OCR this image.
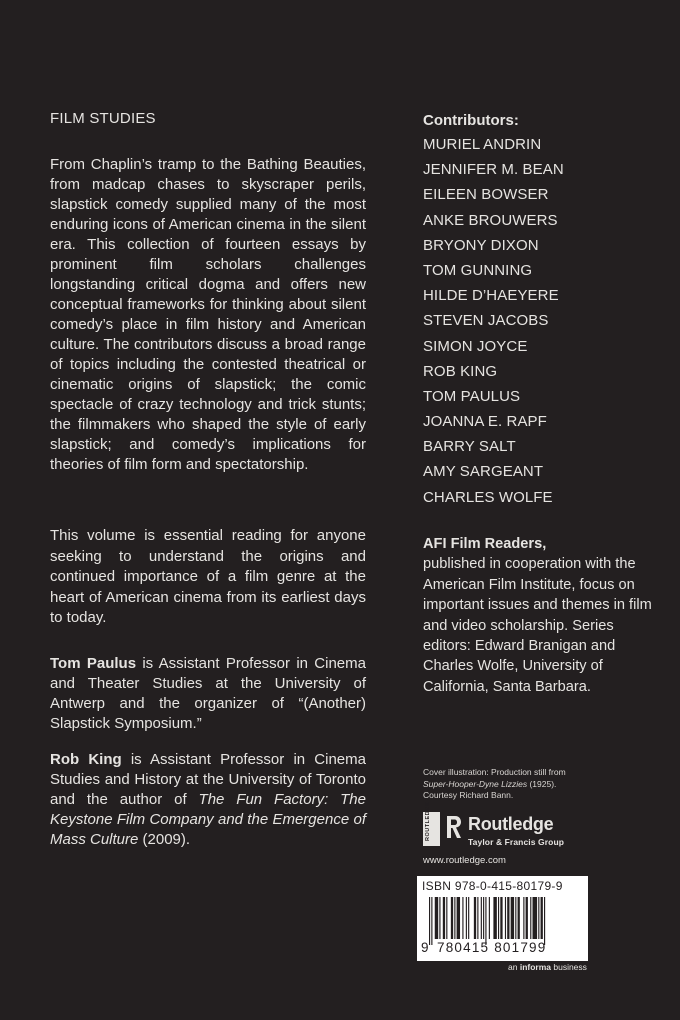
FILM STUDIES

From Chaplin’s tramp to the Bathing Beauties, from madcap chases to skyscraper perils, slapstick comedy supplied many of the most enduring icons of American cinema in the silent era. This collection of fourteen essays by prominent film scholars challenges longstanding critical dogma and offers new conceptual frameworks for thinking about silent comedy’s place in film history and American culture. The contributors discuss a broad range of topics including the contested theatrical or cinematic origins of slapstick; the comic spectacle of crazy technology and trick stunts; the filmmakers who shaped the style of early slapstick; and comedy’s implications for theories of film form and spectatorship.

This volume is essential reading for anyone seeking to understand the origins and continued importance of a film genre at the heart of American cinema from its earliest days to today.

Tom Paulus is Assistant Professor in Cinema and Theater Studies at the University of Antwerp and the organizer of “(Another) Slapstick Symposium.”

Rob King is Assistant Professor in Cinema Studies and History at the University of Toronto and the author of The Fun Factory: The Keystone Film Company and the Emergence of Mass Culture (2009).

Contributors:
MURIEL ANDRIN
JENNIFER M. BEAN
EILEEN BOWSER
ANKE BROUWERS
BRYONY DIXON
TOM GUNNING
HILDE D’HAEYERE
STEVEN JACOBS
SIMON JOYCE
ROB KING
TOM PAULUS
JOANNA E. RAPF
BARRY SALT
AMY SARGEANT
CHARLES WOLFE
AFI Film Readers,
published in cooperation with the American Film Institute, focus on important issues and themes in film and video scholarship. Series editors: Edward Branigan and Charles Wolfe, University of California, Santa Barbara.
Cover illustration: Production still from
Super-Hooper-Dyne Lizzies (1925).
Courtesy Richard Bann.
ROUTLEDGE Routledge
Taylor & Francis Group
www.routledge.com
ISBN 978-0-415-80179-9
9 780415 801799
an informa business
